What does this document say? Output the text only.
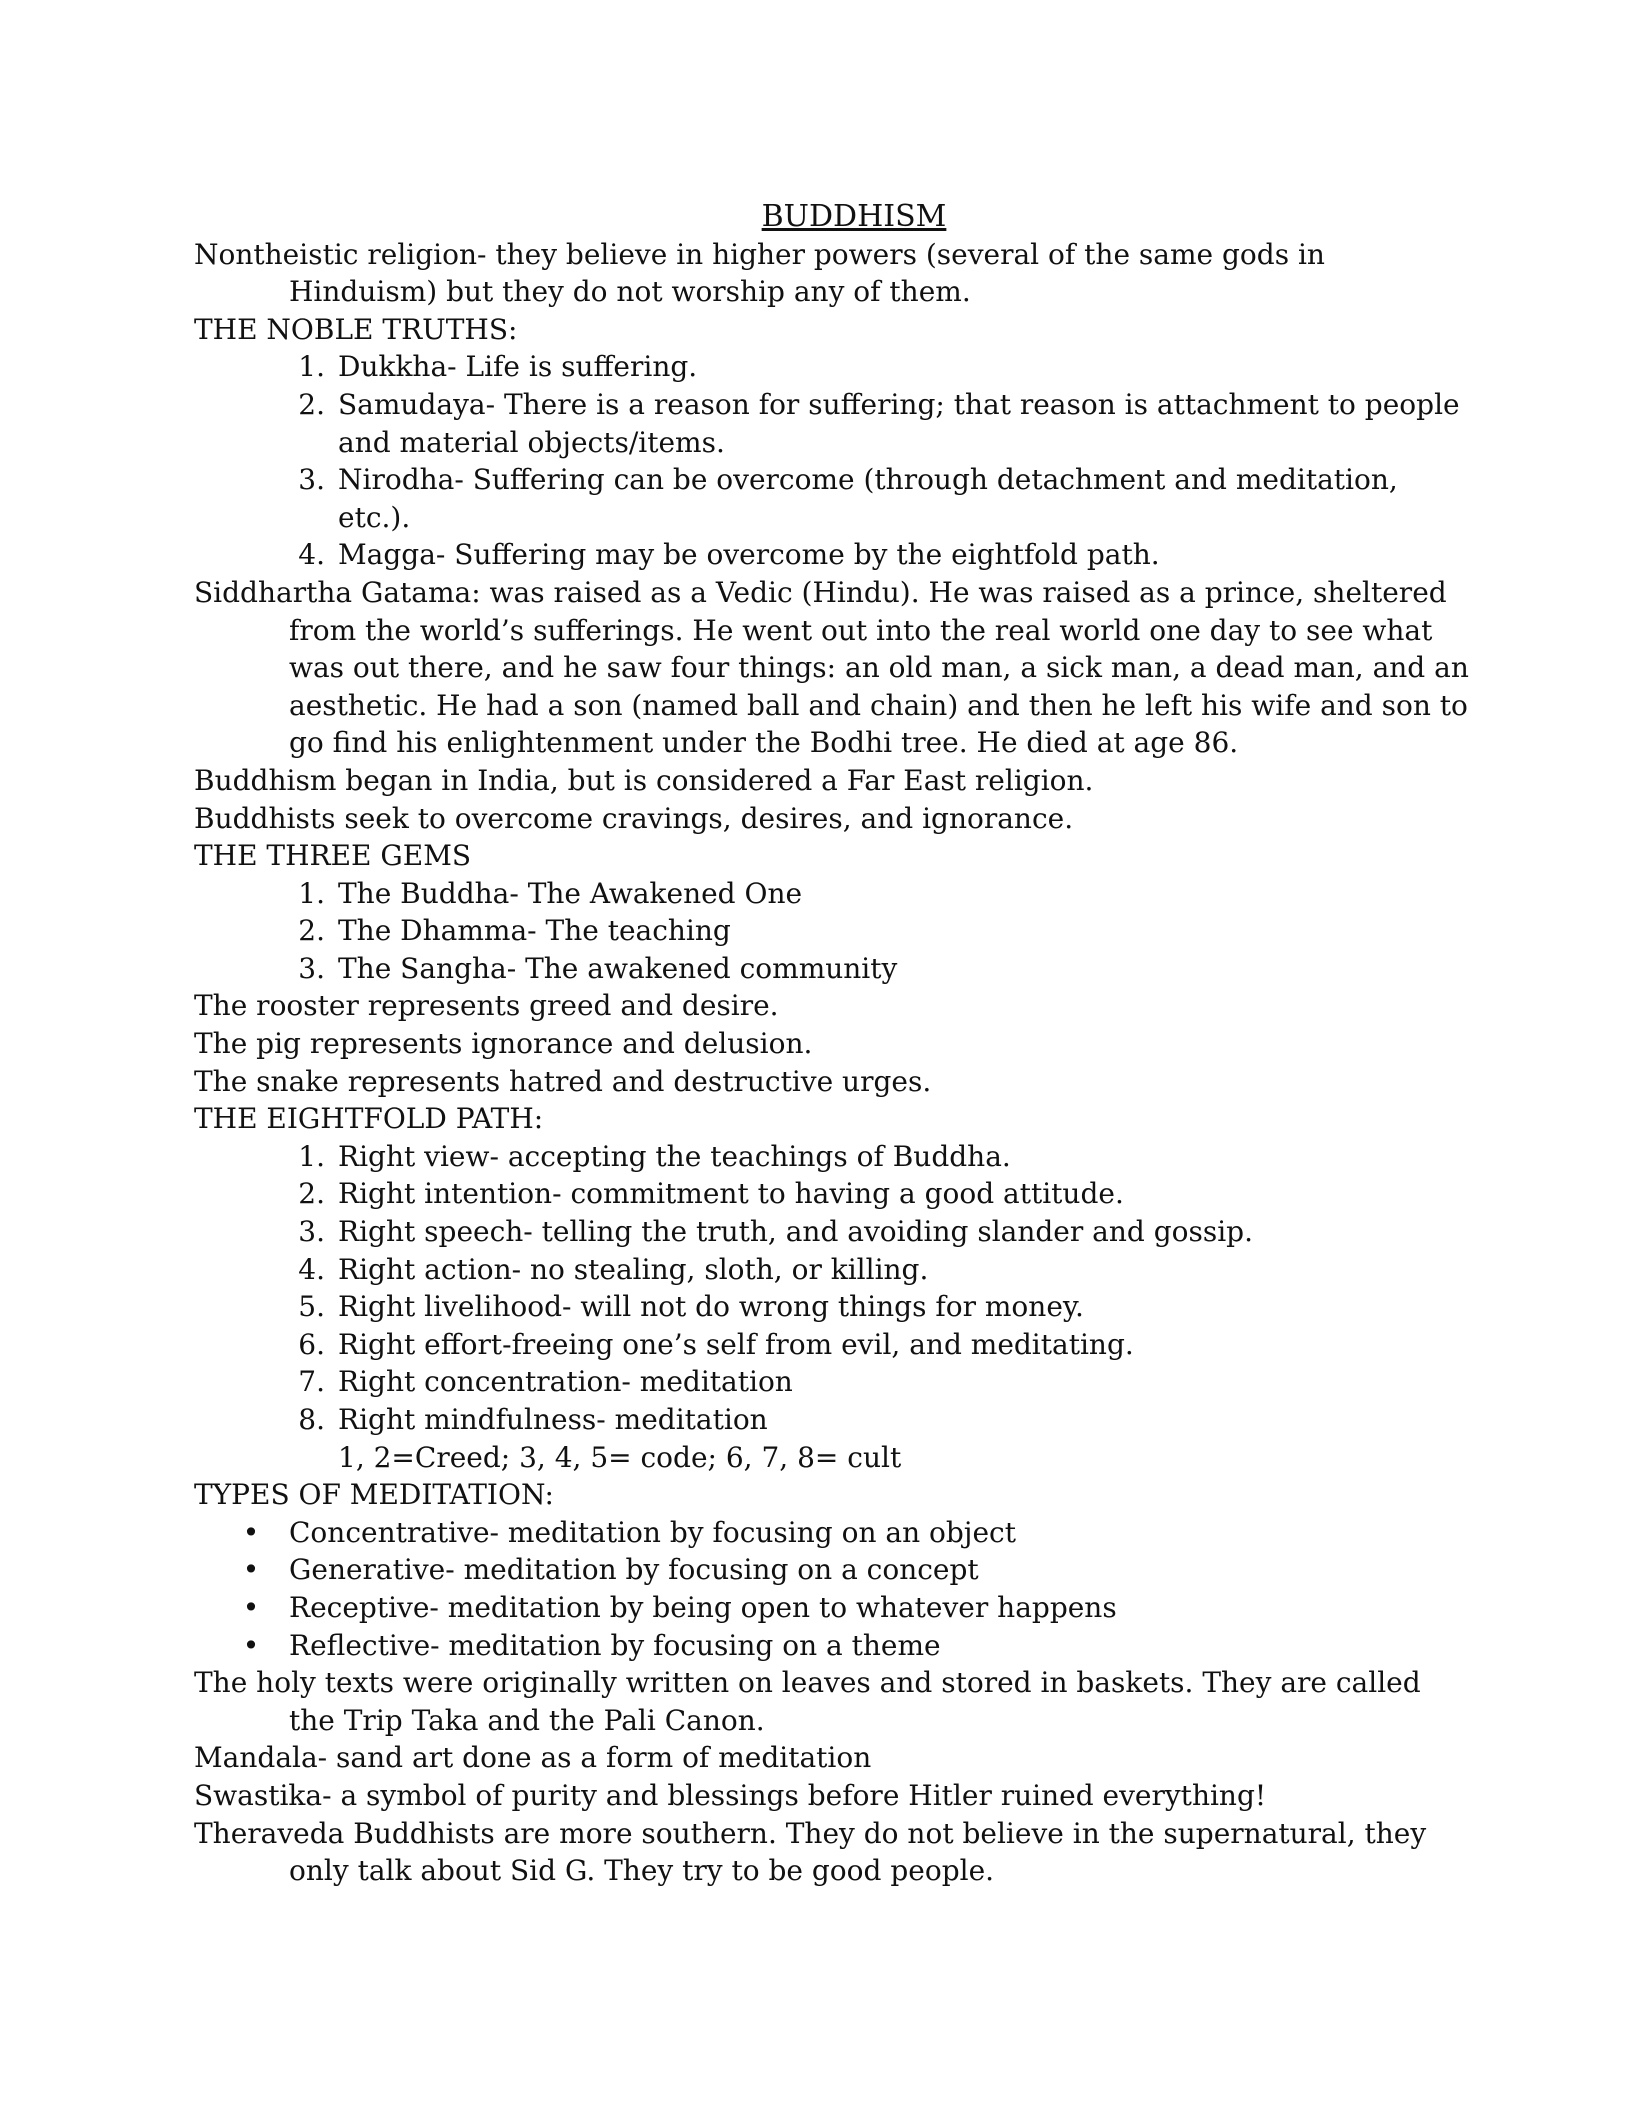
BUDDHISM

Nontheistic religion- they believe in higher powers (several of the same gods in Hinduism) but they do not worship any of them.

THE NOBLE TRUTHS:

1. Dukkha- Life is suffering.
2. Samudaya- There is a reason for suffering; that reason is attachment to people and material objects/items.
3. Nirodha- Suffering can be overcome (through detachment and meditation, etc.).
4. Magga- Suffering may be overcome by the eightfold path.

Siddhartha Gatama: was raised as a Vedic (Hindu). He was raised as a prince, sheltered from the world’s sufferings. He went out into the real world one day to see what was out there, and he saw four things: an old man, a sick man, a dead man, and an aesthetic. He had a son (named ball and chain) and then he left his wife and son to go find his enlightenment under the Bodhi tree. He died at age 86.

Buddhism began in India, but is considered a Far East religion.

Buddhists seek to overcome cravings, desires, and ignorance.

THE THREE GEMS

1. The Buddha- The Awakened One
2. The Dhamma- The teaching
3. The Sangha- The awakened community

The rooster represents greed and desire.

The pig represents ignorance and delusion.

The snake represents hatred and destructive urges.

THE EIGHTFOLD PATH:

1. Right view- accepting the teachings of Buddha.
2. Right intention- commitment to having a good attitude.
3. Right speech- telling the truth, and avoiding slander and gossip.
4. Right action- no stealing, sloth, or killing.
5. Right livelihood- will not do wrong things for money.
6. Right effort-freeing one’s self from evil, and meditating.
7. Right concentration- meditation
8. Right mindfulness- meditation

1, 2=Creed; 3, 4, 5= code; 6, 7, 8= cult

TYPES OF MEDITATION:

• Concentrative- meditation by focusing on an object
• Generative- meditation by focusing on a concept
• Receptive- meditation by being open to whatever happens
• Reflective- meditation by focusing on a theme

The holy texts were originally written on leaves and stored in baskets. They are called the Trip Taka and the Pali Canon.

Mandala- sand art done as a form of meditation

Swastika- a symbol of purity and blessings before Hitler ruined everything!

Theraveda Buddhists are more southern. They do not believe in the supernatural, they only talk about Sid G. They try to be good people.
